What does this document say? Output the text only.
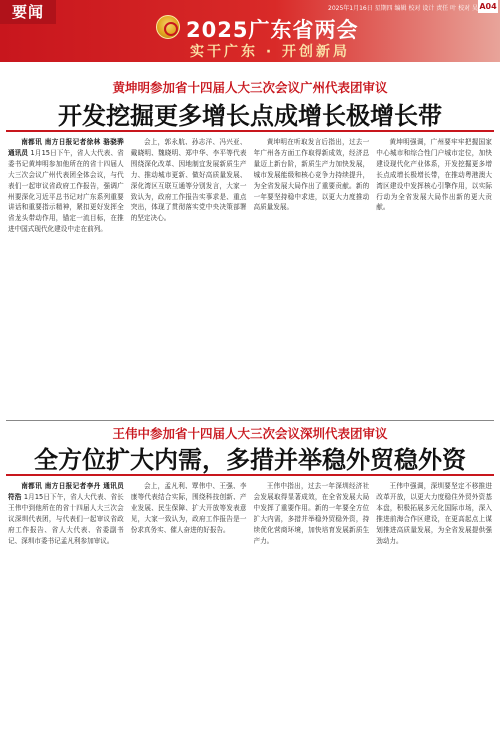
要闻	2025年1月16日 星期四 编辑 校对 设计 责任 叶 校对 吴 A04
2025广东省两会
实干广东 · 开创新局
黄坤明参加省十四届人大三次会议广州代表团审议
开发挖掘更多增长点成增长极增长带

南都讯 南方日报记者徐林 骆骁骅 通讯员 1月15日下午，省人大代表、省委书记黄坤明参加他所在的省十四届人大三次会议广州代表团全体会议，与代表们一起审议省政府工作报告，强调广州要深化习近平总书记对广东系列重要讲话和重要指示精神，紧扣更好发挥全省龙头带动作用，锚定一流目标，在推进中国式现代化建设中走在前列。

会上，郭永航、孙志洋、冯兴亚、戴晓明、魏晓明、郑中华、李平等代表围绕深化改革、因地制宜发展新质生产力、推动城市更新、做好高质量发展、深化湾区互联互通等分别发言，大家一致认为，政府工作报告实事求是、重点突出，体现了贯彻落实党中央决策部署的坚定决心。

黄坤明在听取发言后指出，过去一年广州各方面工作取得新成效，经济总量迈上新台阶，新质生产力加快发展，城市发展能级和核心竞争力持续提升，为全省发展大局作出了重要贡献。新的一年要坚持稳中求进，以更大力度推动高质量发展。

黄坤明强调，广州要牢牢把握国家中心城市和综合性门户城市定位，加快建设现代化产业体系，开发挖掘更多增长点成增长极增长带，在推动粤港澳大湾区建设中发挥核心引擎作用，以实际行动为全省发展大局作出新的更大贡献。

王伟中参加省十四届人大三次会议深圳代表团审议
全方位扩大内需，多措并举稳外贸稳外资

南都讯 南方日报记者李丹 通讯员 符浩 1月15日下午，省人大代表、省长王伟中到他所在的省十四届人大三次会议深圳代表团，与代表们一起审议省政府工作报告、省人大代表、省委副书记、深圳市委书记孟凡利参加审议。

会上，孟凡利、覃伟中、王强、李康等代表结合实际，围绕科技创新、产业发展、民生保障、扩大开放等发表意见，大家一致认为，政府工作报告是一份求真务实、催人奋进的好报告。

王伟中指出，过去一年深圳经济社会发展取得显著成效，在全省发展大局中发挥了重要作用。新的一年要全方位扩大内需，多措并举稳外贸稳外资，持续优化营商环境，加快培育发展新质生产力。

王伟中强调，深圳要坚定不移推进改革开放，以更大力度稳住外贸外资基本盘，积极拓展多元化国际市场，深入推进前海合作区建设，在更高起点上谋划推进高质量发展，为全省发展提供强劲动力。
